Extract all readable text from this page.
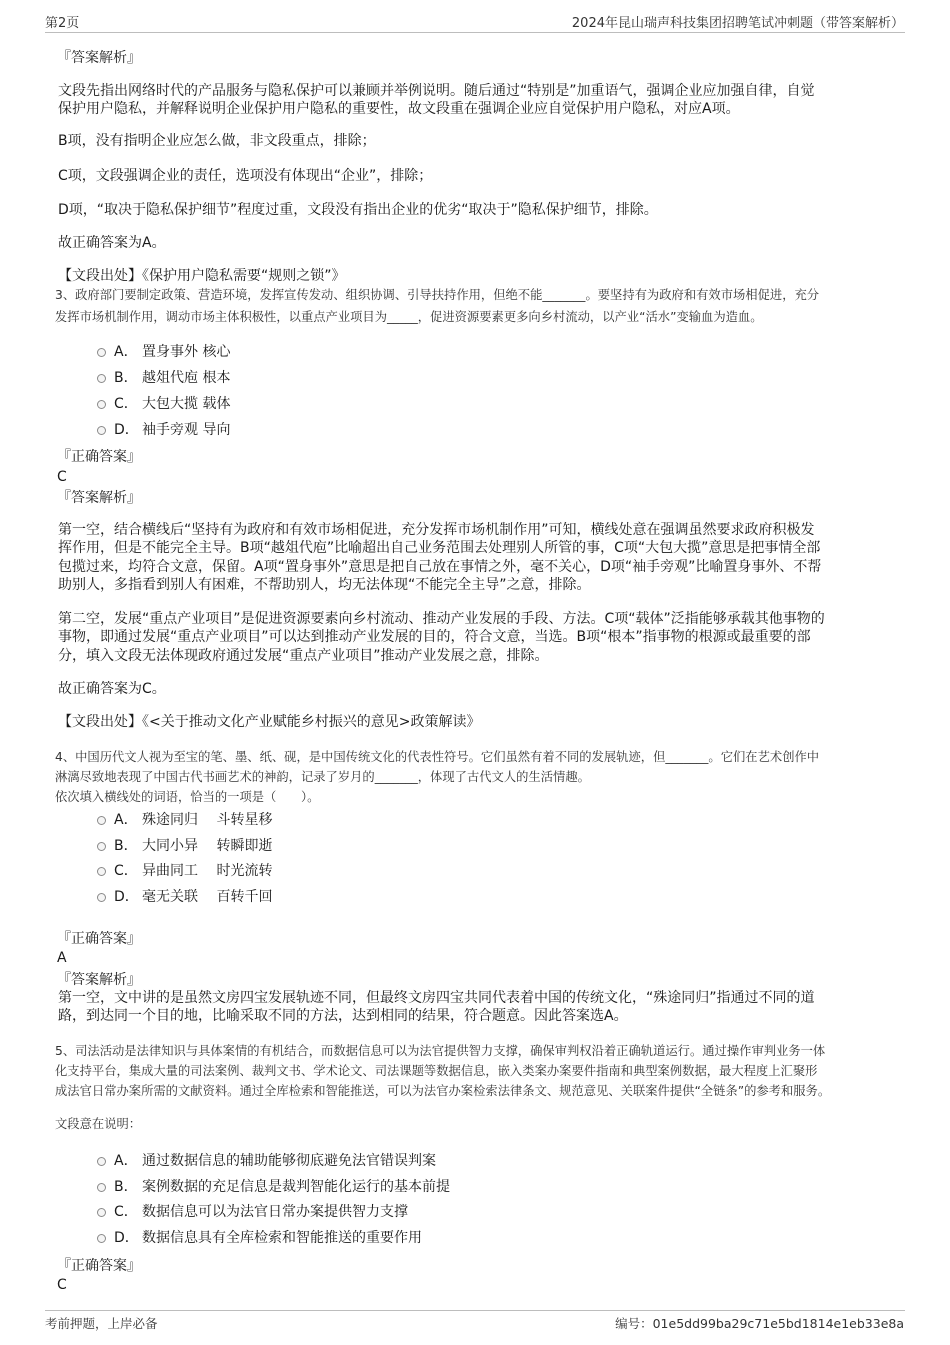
第2页	2024年昆山瑞声科技集团招聘笔试冲刺题（带答案解析）
『答案解析』
文段先指出网络时代的产品服务与隐私保护可以兼顾并举例说明。随后通过“特别是”加重语气，强调企业应加强自律，自觉
保护用户隐私，并解释说明企业保护用户隐私的重要性，故文段重在强调企业应自觉保护用户隐私，对应A项。
B项，没有指明企业应怎么做，非文段重点，排除；
C项，文段强调企业的责任，选项没有体现出“企业”，排除；
D项，“取决于隐私保护细节”程度过重，文段没有指出企业的优劣“取决于”隐私保护细节，排除。
故正确答案为A。
【文段出处】《保护用户隐私需要“规则之锁”》
3、政府部门要制定政策、营造环境，发挥宣传发动、组织协调、引导扶持作用，但绝不能_______。要坚持有为政府和有效市场相促进，充分
发挥市场机制作用，调动市场主体积极性，以重点产业项目为_____，促进资源要素更多向乡村流动，以产业“活水”变输血为造血。
A． 置身事外 核心
B． 越俎代庖 根本
C． 大包大揽 载体
D． 袖手旁观 导向
『正确答案』
C
『答案解析』
第一空，结合横线后“坚持有为政府和有效市场相促进，充分发挥市场机制作用”可知，横线处意在强调虽然要求政府积极发
挥作用，但是不能完全主导。B项“越俎代庖”比喻超出自己业务范围去处理别人所管的事，C项“大包大揽”意思是把事情全部
包揽过来，均符合文意，保留。A项“置身事外”意思是把自己放在事情之外，毫不关心，D项“袖手旁观”比喻置身事外、不帮
助别人，多指看到别人有困难，不帮助别人，均无法体现“不能完全主导”之意，排除。
第二空，发展“重点产业项目”是促进资源要素向乡村流动、推动产业发展的手段、方法。C项“载体”泛指能够承载其他事物的
事物，即通过发展“重点产业项目”可以达到推动产业发展的目的，符合文意，当选。B项“根本”指事物的根源或最重要的部
分，填入文段无法体现政府通过发展“重点产业项目”推动产业发展之意，排除。
故正确答案为C。
【文段出处】《<关于推动文化产业赋能乡村振兴的意见>政策解读》
4、中国历代文人视为至宝的笔、墨、纸、砚，是中国传统文化的代表性符号。它们虽然有着不同的发展轨迹，但_______。它们在艺术创作中
淋漓尽致地表现了中国古代书画艺术的神韵，记录了岁月的_______，体现了古代文人的生活情趣。
依次填入横线处的词语，恰当的一项是（　　）。
A． 殊途同归　 斗转星移
B． 大同小异　 转瞬即逝
C． 异曲同工　 时光流转
D． 毫无关联　 百转千回
『正确答案』
A
『答案解析』
第一空，文中讲的是虽然文房四宝发展轨迹不同，但最终文房四宝共同代表着中国的传统文化，“殊途同归”指通过不同的道
路，到达同一个目的地，比喻采取不同的方法，达到相同的结果，符合题意。因此答案选A。
5、司法活动是法律知识与具体案情的有机结合，而数据信息可以为法官提供智力支撑，确保审判权沿着正确轨道运行。通过操作审判业务一体
化支持平台，集成大量的司法案例、裁判文书、学术论文、司法课题等数据信息，嵌入类案办案要件指南和典型案例数据，最大程度上汇聚形
成法官日常办案所需的文献资料。通过全库检索和智能推送，可以为法官办案检索法律条文、规范意见、关联案件提供“全链条”的参考和服务。
文段意在说明：
A． 通过数据信息的辅助能够彻底避免法官错误判案
B． 案例数据的充足信息是裁判智能化运行的基本前提
C． 数据信息可以为法官日常办案提供智力支撑
D． 数据信息具有全库检索和智能推送的重要作用
『正确答案』
C
考前押题，上岸必备	编号：01e5dd99ba29c71e5bd1814e1eb33e8a
